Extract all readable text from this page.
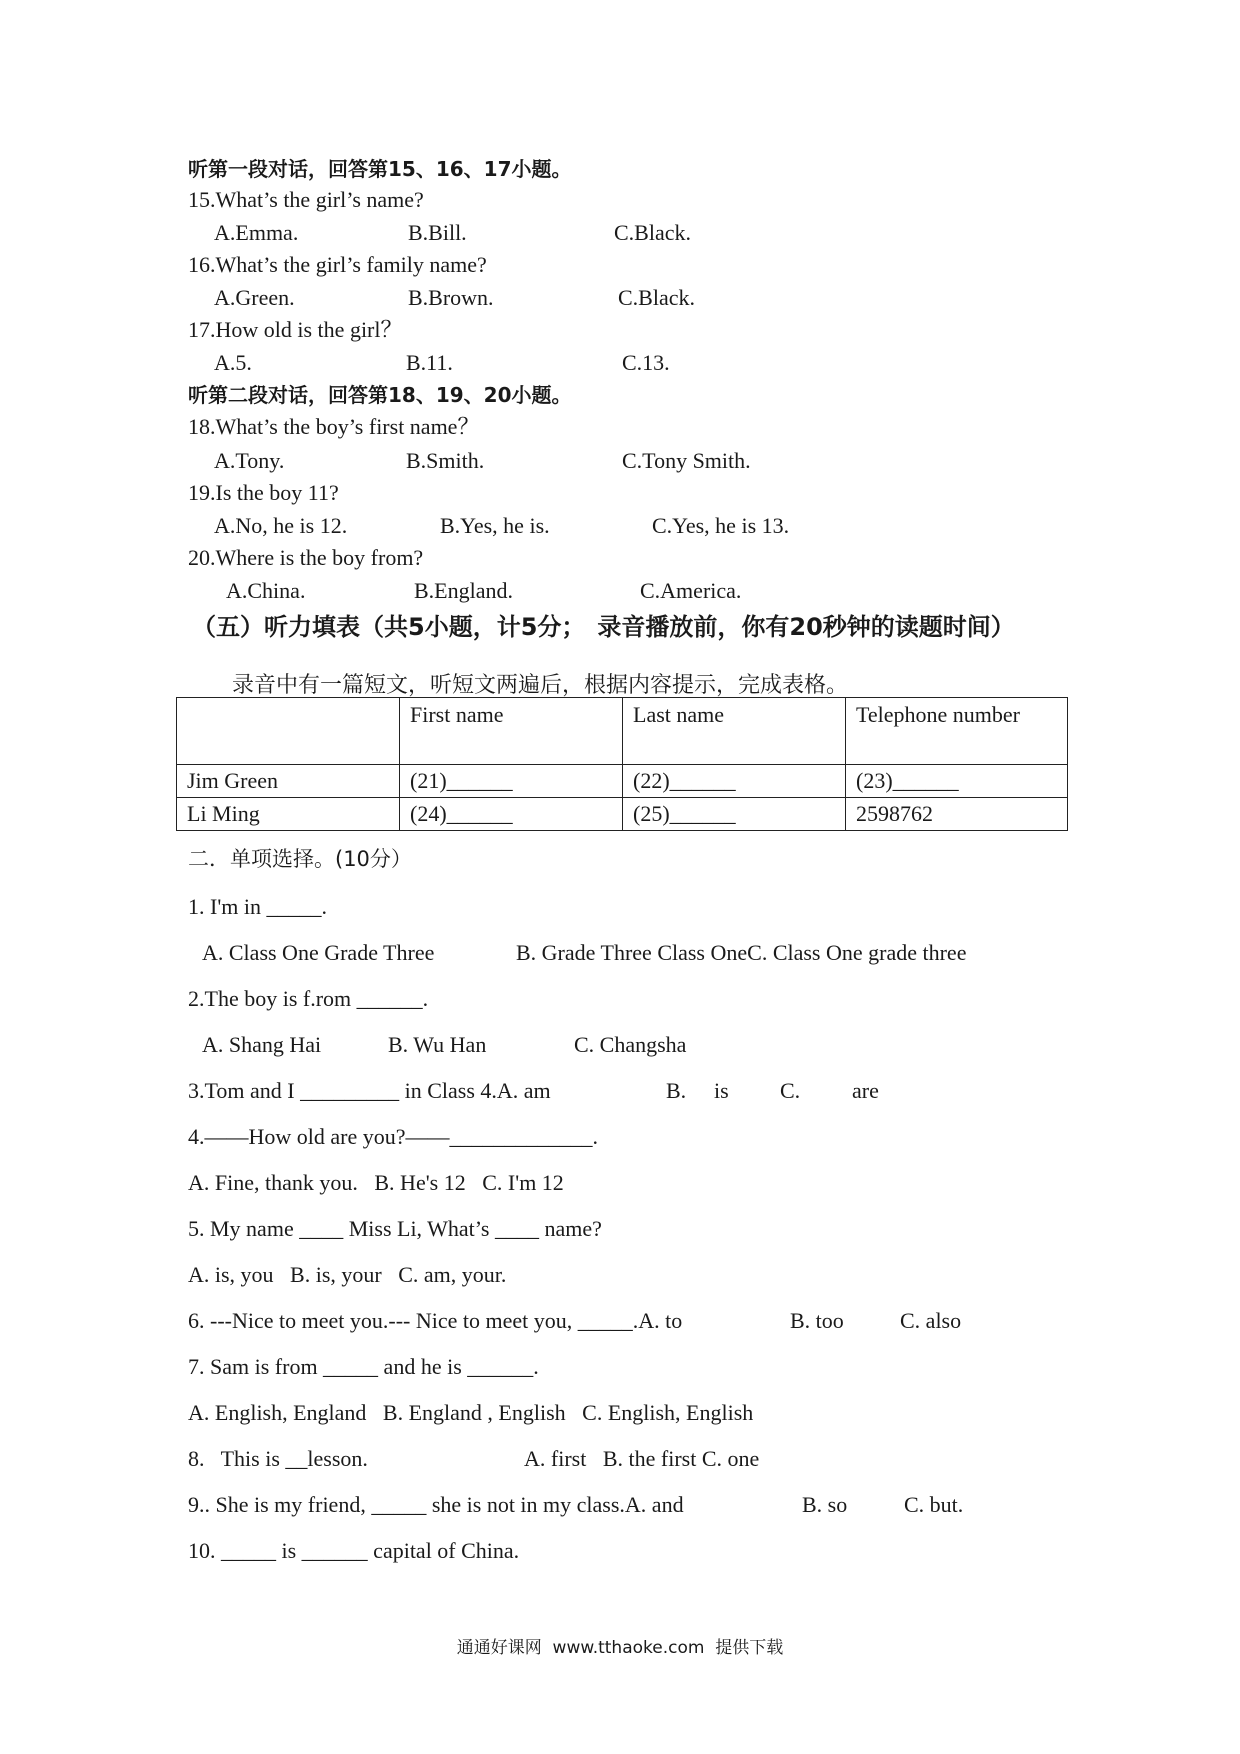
听第一段对话，回答第15、16、17小题。
15.What’s the girl’s name?
A.Emma.	B.Bill.	C.Black.
16.What’s the girl’s family name?
A.Green.	B.Brown.	C.Black.
17.How old is the girl？
A.5.	B.11.	C.13.
听第二段对话，回答第18、19、20小题。
18.What’s the boy’s first name？
A.Tony.	B.Smith.	C.Tony Smith.
19.Is the boy 11?
A.No, he is 12.	B.Yes, he is.	C.Yes, he is 13.
20.Where is the boy from?
A.China.	B.England.	C.America.
（五）听力填表（共5小题，计5分；　录音播放前，你有20秒钟的读题时间）
录音中有一篇短文，听短文两遍后，根据内容提示，完成表格。
	First name	Last name	Telephone number
Jim Green	(21)______	(22)______	(23)______
Li Ming	(24)______	(25)______	2598762
二．单项选择。(10分）
1. I'm in _____.
A. Class One Grade Three	B. Grade Three Class OneC. Class One grade three
2.The boy is f.rom ______.
A. Shang Hai	B. Wu Han	C. Changsha
3.Tom and I _________ in Class 4.A. am	B. is C. are
4.——How old are you?——_____________.
A. Fine, thank you.   B. He's 12   C. I'm 12
5. My name ____ Miss Li, What’s ____ name?
A. is, you   B. is, your   C. am, your.
6. ---Nice to meet you.--- Nice to meet you, _____.A. to	B. too	C. also
7. Sam is from _____ and he is ______.
A. English, England   B. England , English   C. English, English
8.   This is __lesson.	A. first   B. the first C. one
9.. She is my friend, _____ she is not in my class.A. and	B. so	C. but.
10. _____ is ______ capital of China.
通通好课网  www.tthaoke.com  提供下载
